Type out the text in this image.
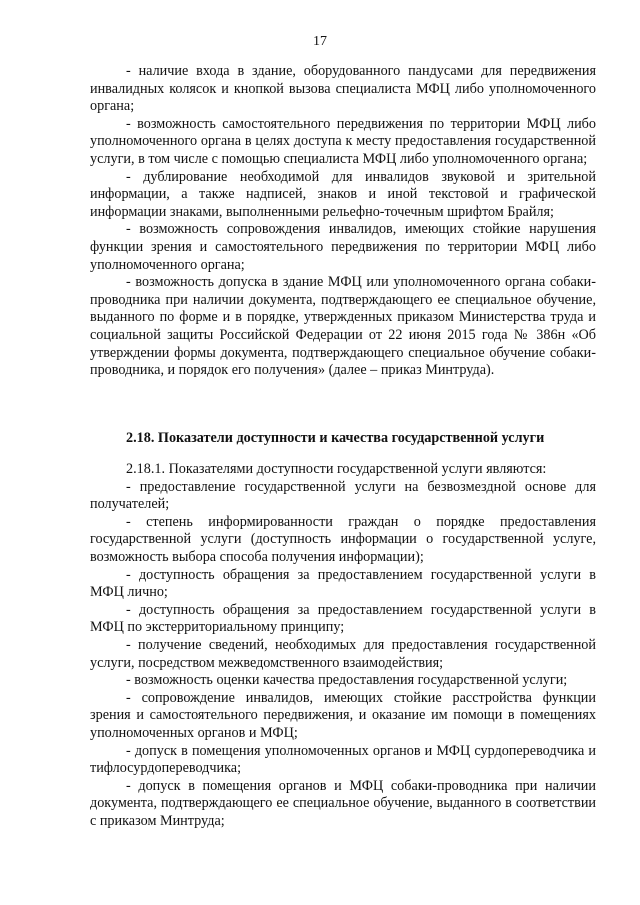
17

- наличие входа в здание, оборудованного пандусами для передвижения инвалидных колясок и кнопкой вызова специалиста МФЦ либо уполномоченного органа;

- возможность самостоятельного передвижения по территории МФЦ либо уполномоченного органа в целях доступа к месту предоставления государственной услуги, в том числе с помощью специалиста МФЦ либо уполномоченного органа;

- дублирование необходимой для инвалидов звуковой и зрительной информации, а также надписей, знаков и иной текстовой и графической информации знаками, выполненными рельефно-точечным шрифтом Брайля;

- возможность сопровождения инвалидов, имеющих стойкие нарушения функции зрения и самостоятельного передвижения по территории МФЦ либо уполномоченного органа;

- возможность допуска в здание МФЦ или уполномоченного органа собаки-проводника при наличии документа, подтверждающего ее специальное обучение, выданного по форме и в порядке, утвержденных приказом Министерства труда и социальной защиты Российской Федерации от 22 июня 2015 года № 386н «Об утверждении формы документа, подтверждающего специальное обучение собаки-проводника, и порядок его получения» (далее – приказ Минтруда).

2.18. Показатели доступности и качества государственной услуги

2.18.1. Показателями доступности государственной услуги являются:

- предоставление государственной услуги на безвозмездной основе для получателей;

- степень информированности граждан о порядке предоставления государственной услуги (доступность информации о государственной услуге, возможность выбора способа получения информации);

- доступность обращения за предоставлением государственной услуги в МФЦ лично;

- доступность обращения за предоставлением государственной услуги в МФЦ по экстерриториальному принципу;

- получение сведений, необходимых для предоставления государственной услуги, посредством межведомственного взаимодействия;

- возможность оценки качества предоставления государственной услуги;

- сопровождение инвалидов, имеющих стойкие расстройства функции зрения и самостоятельного передвижения, и оказание им помощи в помещениях уполномоченных органов и МФЦ;

- допуск в помещения уполномоченных органов и МФЦ сурдопереводчика и тифлосурдопереводчика;

- допуск в помещения органов и МФЦ собаки-проводника при наличии документа, подтверждающего ее специальное обучение, выданного в соответствии с приказом Минтруда;
